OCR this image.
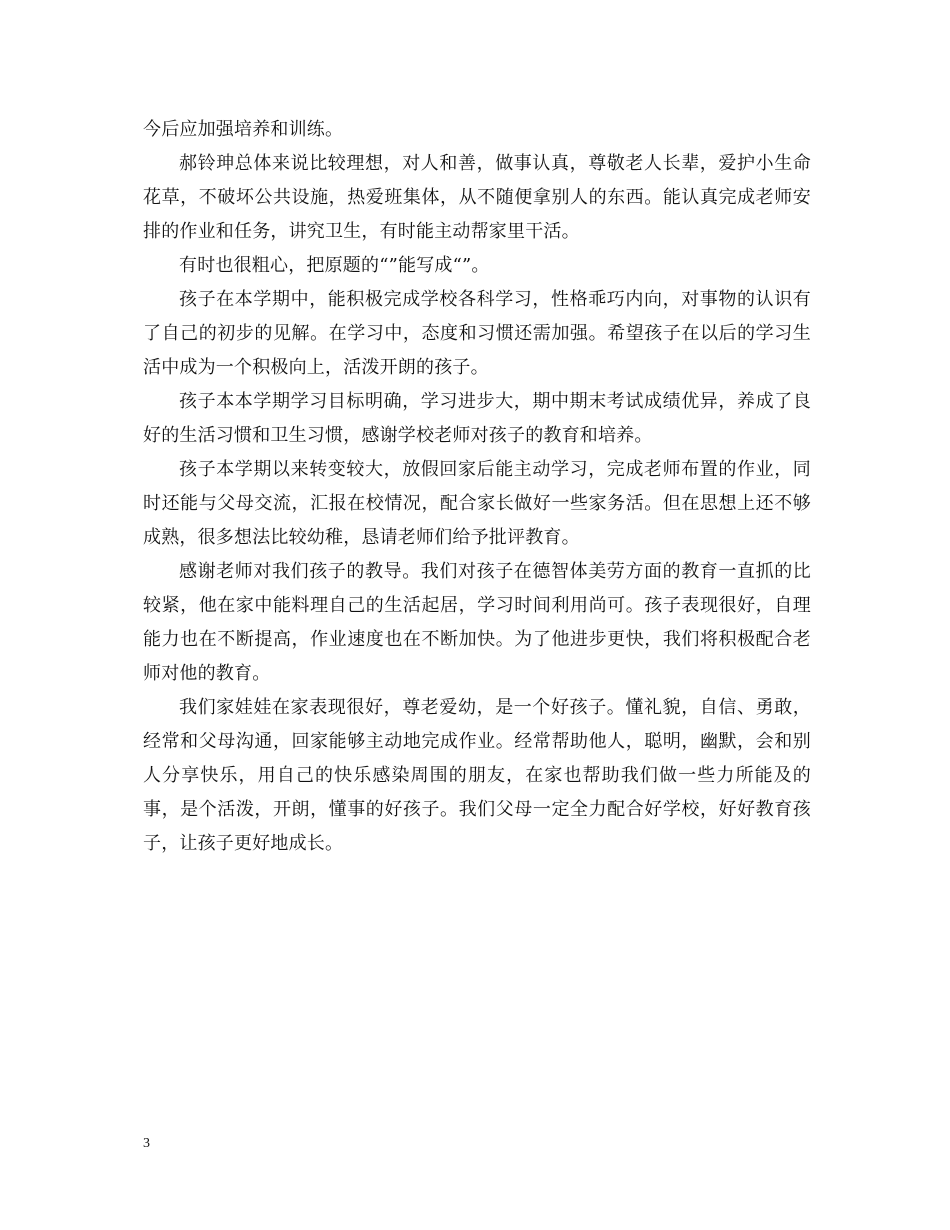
今后应加强培养和训练。

郝铃珅总体来说比较理想，对人和善，做事认真，尊敬老人长辈，爱护小生命花草，不破坏公共设施，热爱班集体，从不随便拿别人的东西。能认真完成老师安排的作业和任务，讲究卫生，有时能主动帮家里干活。

有时也很粗心，把原题的“”能写成“”。

孩子在本学期中，能积极完成学校各科学习，性格乖巧内向，对事物的认识有了自己的初步的见解。在学习中，态度和习惯还需加强。希望孩子在以后的学习生活中成为一个积极向上，活泼开朗的孩子。

孩子本本学期学习目标明确，学习进步大，期中期末考试成绩优异，养成了良好的生活习惯和卫生习惯，感谢学校老师对孩子的教育和培养。

孩子本学期以来转变较大，放假回家后能主动学习，完成老师布置的作业，同时还能与父母交流，汇报在校情况，配合家长做好一些家务活。但在思想上还不够成熟，很多想法比较幼稚，恳请老师们给予批评教育。

感谢老师对我们孩子的教导。我们对孩子在德智体美劳方面的教育一直抓的比较紧，他在家中能料理自己的生活起居，学习时间利用尚可。孩子表现很好，自理能力也在不断提高，作业速度也在不断加快。为了他进步更快，我们将积极配合老师对他的教育。

我们家娃娃在家表现很好，尊老爱幼，是一个好孩子。懂礼貌，自信、勇敢，经常和父母沟通，回家能够主动地完成作业。经常帮助他人，聪明，幽默，会和别人分享快乐，用自己的快乐感染周围的朋友，在家也帮助我们做一些力所能及的事，是个活泼，开朗，懂事的好孩子。我们父母一定全力配合好学校，好好教育孩子，让孩子更好地成长。

3
